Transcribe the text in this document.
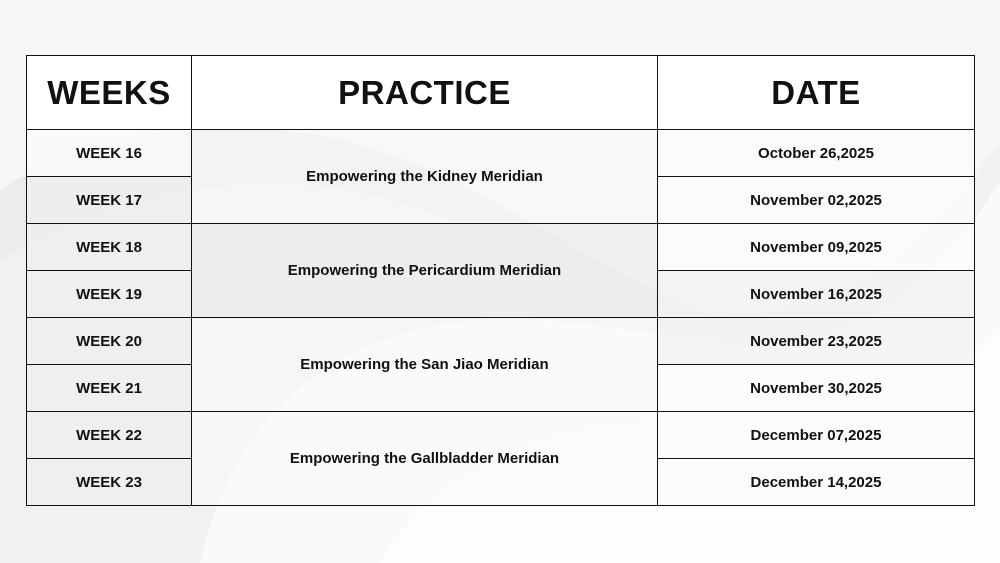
WEEKS	PRACTICE	DATE
WEEK 16	Empowering the Kidney Meridian	October 26,2025
WEEK 17		November 02,2025
WEEK 18	Empowering the Pericardium Meridian	November 09,2025
WEEK 19		November 16,2025
WEEK 20	Empowering the San Jiao Meridian	November 23,2025
WEEK 21		November 30,2025
WEEK 22	Empowering the Gallbladder Meridian	December 07,2025
WEEK 23		December 14,2025
